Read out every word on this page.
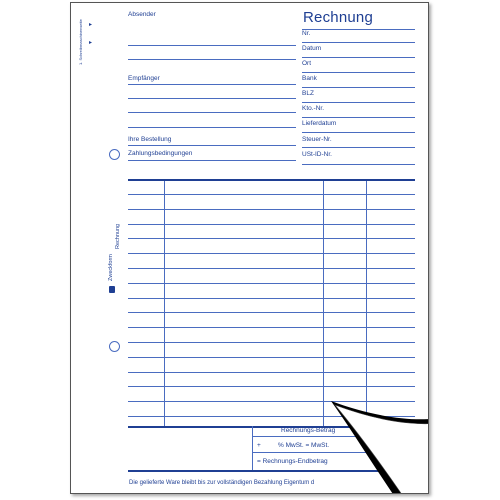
Absender	Rechnung
Empfänger
Ihre Bestellung
Zahlungsbedingungen
Nr.
Datum
Ort
Bank
BLZ
Kto.-Nr.
Lieferdatum
Steuer-Nr.
USt-ID-Nr.
▸
▸
1. Schreibmaschinenseite
Zweckform
Rechnung
Rechnungs-Betrag
+	% MwSt. = MwSt.
= Rechnungs-Endbetrag
Die gelieferte Ware bleibt bis zur vollständigen Bezahlung Eigentum d
